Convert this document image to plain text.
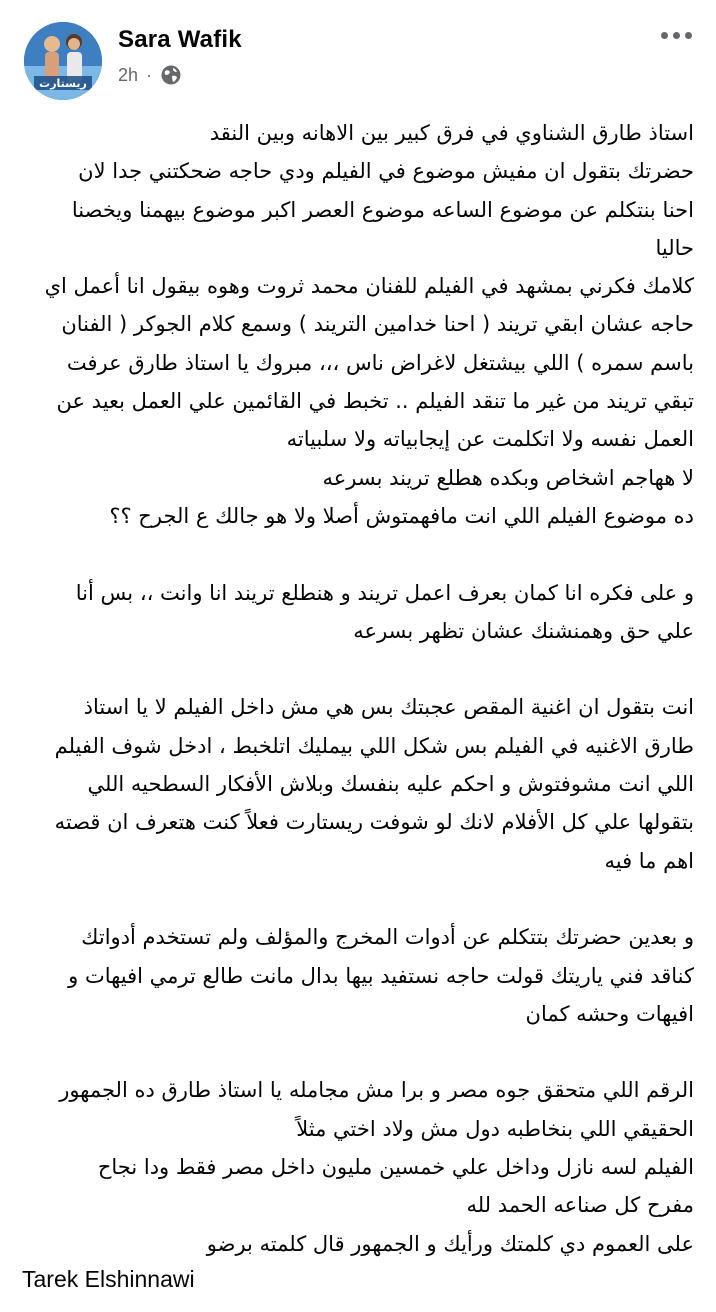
ريستارت
Sara Wafik
2h ·

استاذ طارق الشناوي في فرق كبير بين الاهانه وبين النقد

حضرتك بتقول ان مفيش موضوع في الفيلم ودي حاجه ضحكتني جدا لان

احنا بنتكلم عن موضوع الساعه موضوع العصر اكبر موضوع بيهمنا ويخصنا

حاليا

كلامك فكرني بمشهد في الفيلم للفنان محمد ثروت وهوه بيقول انا أعمل اي

حاجه عشان ابقي تريند ( احنا خدامين التريند ) وسمع كلام الجوكر ( الفنان

باسم سمره ) اللي بيشتغل لاغراض ناس ،،، مبروك يا استاذ طارق عرفت

تبقي تريند من غير ما تنقد الفيلم .. تخبط في القائمين علي العمل بعيد عن

العمل نفسه ولا اتكلمت عن إيجابياته ولا سلبياته

لا ههاجم اشخاص وبكده هطلع تريند بسرعه

ده موضوع الفيلم اللي انت مافهمتوش أصلا ولا هو جالك ع الجرح ؟؟

و على فكره انا كمان بعرف اعمل تريند و هنطلع تريند انا وانت ،، بس أنا

علي حق وهمنشنك عشان تظهر بسرعه

انت بتقول ان اغنية المقص عجبتك بس هي مش داخل الفيلم لا يا استاذ

طارق الاغنيه في الفيلم بس شكل اللي بيمليك اتلخبط ، ادخل شوف الفيلم

اللي انت مشوفتوش و احكم عليه بنفسك وبلاش الأفكار السطحيه اللي

بتقولها علي كل الأفلام لانك لو شوفت ريستارت فعلاً كنت هتعرف ان قصته

اهم ما فيه

و بعدين حضرتك بتتكلم عن أدوات المخرج والمؤلف ولم تستخدم أدواتك

كناقد فني ياريتك قولت حاجه نستفيد بيها بدال مانت طالع ترمي افيهات و

افيهات وحشه كمان

الرقم اللي متحقق جوه مصر و برا مش مجامله يا استاذ طارق ده الجمهور

الحقيقي اللي بنخاطبه دول مش ولاد اختي مثلاً

الفيلم لسه نازل وداخل علي خمسين مليون داخل مصر فقط ودا نجاح

مفرح كل صناعه الحمد لله

على العموم دي كلمتك ورأيك و الجمهور قال كلمته برضو

Tarek Elshinnawi
